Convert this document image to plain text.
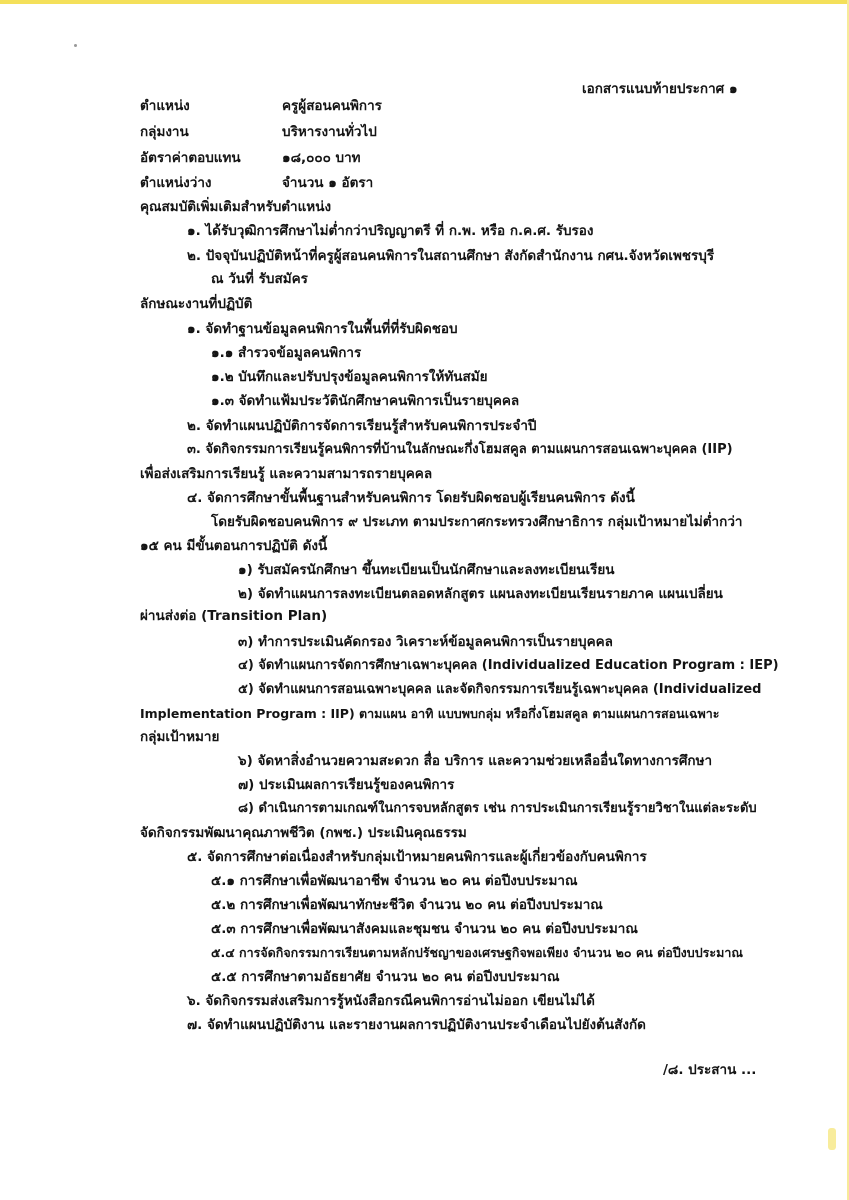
เอกสารแนบท้ายประกาศ ๑
ตำแหน่ง	ครูผู้สอนคนพิการ
กลุ่มงาน	บริหารงานทั่วไป
อัตราค่าตอบแทน	๑๘,๐๐๐ บาท
ตำแหน่งว่าง	จำนวน ๑ อัตรา
คุณสมบัติเพิ่มเติมสำหรับตำแหน่ง
๑. ได้รับวุฒิการศึกษาไม่ต่ำกว่าปริญญาตรี ที่ ก.พ. หรือ ก.ค.ศ. รับรอง
๒. ปัจจุบันปฏิบัติหน้าที่ครูผู้สอนคนพิการในสถานศึกษา สังกัดสำนักงาน กศน.จังหวัดเพชรบุรี
ณ วันที่ รับสมัคร
ลักษณะงานที่ปฏิบัติ
๑. จัดทำฐานข้อมูลคนพิการในพื้นที่ที่รับผิดชอบ
๑.๑ สำรวจข้อมูลคนพิการ
๑.๒ บันทึกและปรับปรุงข้อมูลคนพิการให้ทันสมัย
๑.๓ จัดทำแฟ้มประวัตินักศึกษาคนพิการเป็นรายบุคคล
๒. จัดทำแผนปฏิบัติการจัดการเรียนรู้สำหรับคนพิการประจำปี
๓. จัดกิจกรรมการเรียนรู้คนพิการที่บ้านในลักษณะกึ่งโฮมสคูล ตามแผนการสอนเฉพาะบุคคล (IIP)
เพื่อส่งเสริมการเรียนรู้ และความสามารถรายบุคคล
๔. จัดการศึกษาขั้นพื้นฐานสำหรับคนพิการ โดยรับผิดชอบผู้เรียนคนพิการ ดังนี้
โดยรับผิดชอบคนพิการ ๙ ประเภท ตามประกาศกระทรวงศึกษาธิการ กลุ่มเป้าหมายไม่ต่ำกว่า
๑๕ คน มีขั้นตอนการปฏิบัติ ดังนี้
๑) รับสมัครนักศึกษา ขึ้นทะเบียนเป็นนักศึกษาและลงทะเบียนเรียน
๒) จัดทำแผนการลงทะเบียนตลอดหลักสูตร แผนลงทะเบียนเรียนรายภาค แผนเปลี่ยน
ผ่านส่งต่อ (Transition Plan)
๓) ทำการประเมินคัดกรอง วิเคราะห์ข้อมูลคนพิการเป็นรายบุคคล
๔) จัดทำแผนการจัดการศึกษาเฉพาะบุคคล (Individualized Education Program : IEP)
๕) จัดทำแผนการสอนเฉพาะบุคคล และจัดกิจกรรมการเรียนรู้เฉพาะบุคคล (Individualized
Implementation Program : IIP) ตามแผน อาทิ แบบพบกลุ่ม หรือกึ่งโฮมสคูล ตามแผนการสอนเฉพาะ
กลุ่มเป้าหมาย
๖) จัดหาสิ่งอำนวยความสะดวก สื่อ บริการ และความช่วยเหลืออื่นใดทางการศึกษา
๗) ประเมินผลการเรียนรู้ของคนพิการ
๘) ดำเนินการตามเกณฑ์ในการจบหลักสูตร เช่น การประเมินการเรียนรู้รายวิชาในแต่ละระดับ
จัดกิจกรรมพัฒนาคุณภาพชีวิต (กพช.) ประเมินคุณธรรม
๕. จัดการศึกษาต่อเนื่องสำหรับกลุ่มเป้าหมายคนพิการและผู้เกี่ยวข้องกับคนพิการ
๕.๑ การศึกษาเพื่อพัฒนาอาชีพ จำนวน ๒๐ คน ต่อปีงบประมาณ
๕.๒ การศึกษาเพื่อพัฒนาทักษะชีวิต จำนวน ๒๐ คน ต่อปีงบประมาณ
๕.๓ การศึกษาเพื่อพัฒนาสังคมและชุมชน จำนวน ๒๐ คน ต่อปีงบประมาณ
๕.๔ การจัดกิจกรรมการเรียนตามหลักปรัชญาของเศรษฐกิจพอเพียง จำนวน ๒๐ คน ต่อปีงบประมาณ
๕.๕ การศึกษาตามอัธยาศัย จำนวน ๒๐ คน ต่อปีงบประมาณ
๖. จัดกิจกรรมส่งเสริมการรู้หนังสือกรณีคนพิการอ่านไม่ออก เขียนไม่ได้
๗. จัดทำแผนปฏิบัติงาน และรายงานผลการปฏิบัติงานประจำเดือนไปยังต้นสังกัด
/๘. ประสาน ...
